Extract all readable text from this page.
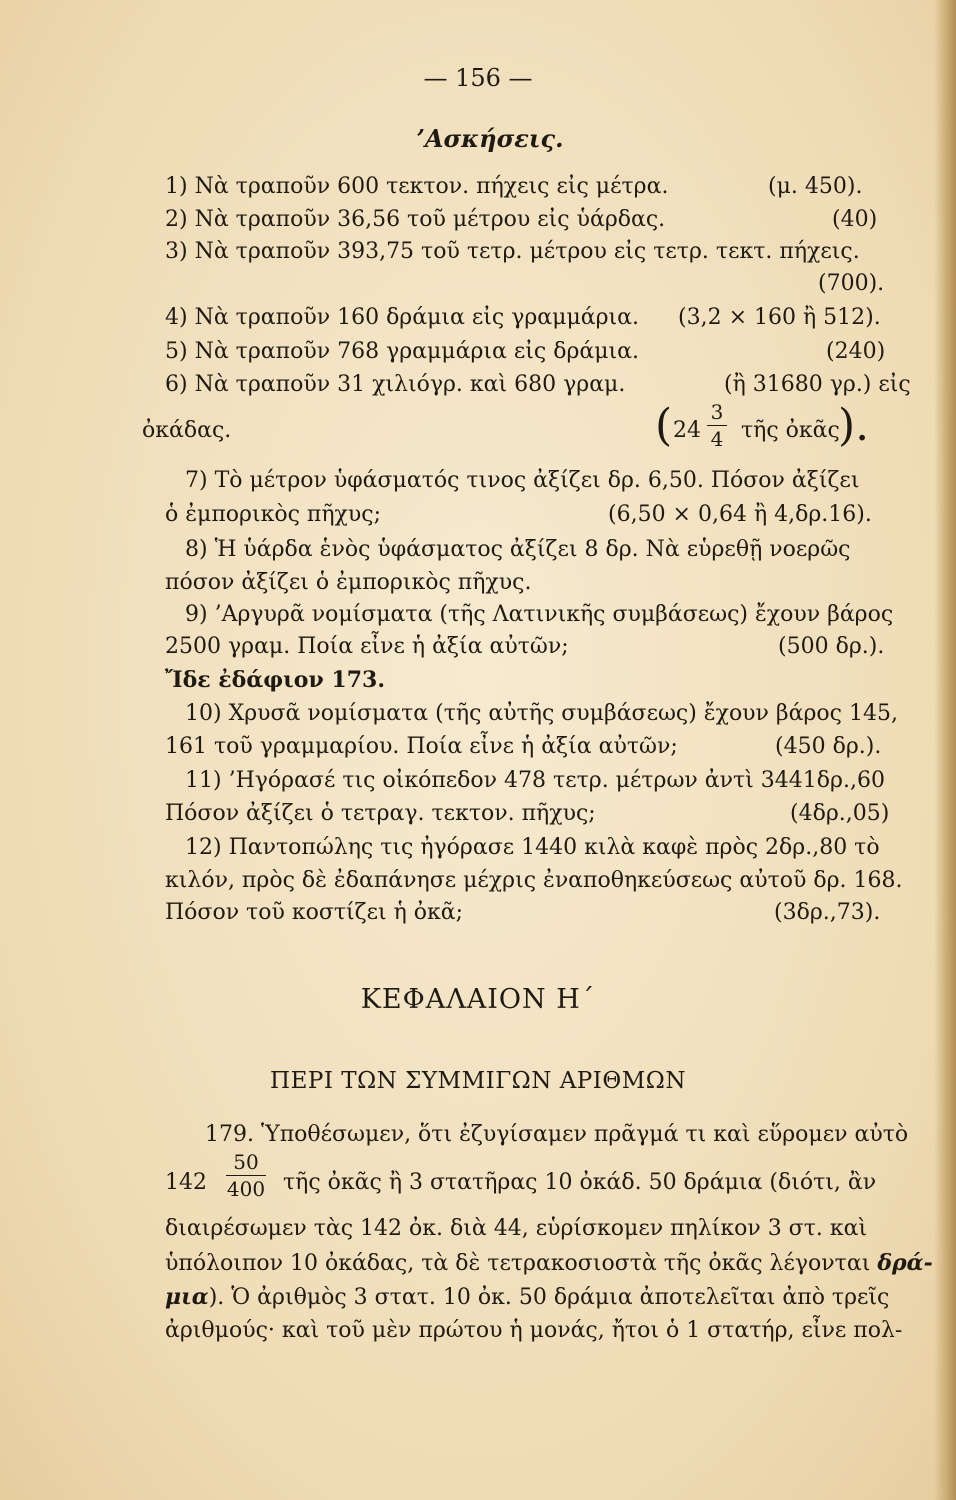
— 156 —
’Ασκήσεις.
1) Νὰ τραποῦν 600 τεκτον. πήχεις εἰς μέτρα.	(μ. 450).
2) Νὰ τραποῦν 36,56 τοῦ μέτρου εἰς ὑάρδας.	(40)
3) Νὰ τραποῦν 393,75 τοῦ τετρ. μέτρου εἰς τετρ. τεκτ. πήχεις.
(700).
4) Νὰ τραποῦν 160 δράμια εἰς γραμμάρια. (3,2 × 160 ἢ 512).
5) Νὰ τραποῦν 768 γραμμάρια εἰς δράμια.	(240)
6) Νὰ τραποῦν 31 χιλιόγρ. καὶ 680 γραμ.	(ἢ 31680 γρ.) εἰς
ὀκάδας.	( 24
3
4 τῆς ὀκᾶς
).
7) Τὸ μέτρον ὑφάσματός τινος ἀξίζει δρ. 6,50. Πόσον ἀξίζει
ὁ ἐμπορικὸς πῆχυς;	(6,50 × 0,64 ἢ 4,δρ.16).
8) Ἡ ὑάρδα ἑνὸς ὑφάσματος ἀξίζει 8 δρ. Νὰ εὑρεθῇ νοερῶς
πόσον ἀξίζει ὁ ἐμπορικὸς πῆχυς.
9) ’Αργυρᾶ νομίσματα (τῆς Λατινικῆς συμβάσεως) ἔχουν βάρος
2500 γραμ. Ποία εἶνε ἡ ἀξία αὐτῶν;	(500 δρ.).
Ἴδε ἐδάφιον 173.
10) Χρυσᾶ νομίσματα (τῆς αὐτῆς συμβάσεως) ἔχουν βάρος 145,
161 τοῦ γραμμαρίου. Ποία εἶνε ἡ ἀξία αὐτῶν;	(450 δρ.).
11) ’Ηγόρασέ τις οἰκόπεδον 478 τετρ. μέτρων ἀντὶ 3441δρ.,60
Πόσον ἀξίζει ὁ τετραγ. τεκτον. πῆχυς;	(4δρ.,05)
12) Παντοπώλης τις ἠγόρασε 1440 κιλὰ καφὲ πρὸς 2δρ.,80 τὸ
κιλόν, πρὸς δὲ ἐδαπάνησε μέχρις ἐναποθηκεύσεως αὐτοῦ δρ. 168.
Πόσον τοῦ κοστίζει ἡ ὀκᾶ;	(3δρ.,73).
ΚΕΦΑΛΑΙΟΝ Η΄
ΠΕΡΙ ΤΩΝ ΣΥΜΜΙΓΩΝ ΑΡΙΘΜΩΝ
179. Ὑποθέσωμεν, ὅτι ἐζυγίσαμεν πρᾶγμά τι καὶ εὕρομεν αὐτὸ
142
50
400 τῆς ὀκᾶς ἢ 3 στατῆρας 10 ὀκάδ. 50 δράμια (διότι, ἂν
διαιρέσωμεν τὰς 142 ὀκ. διὰ 44, εὑρίσκομεν πηλίκον 3 στ. καὶ
ὑπόλοιπον 10 ὀκάδας, τὰ δὲ τετρακοσιοστὰ τῆς ὀκᾶς λέγονται δρά-
μια). Ὁ ἀριθμὸς 3 στατ. 10 ὀκ. 50 δράμια ἀποτελεῖται ἀπὸ τρεῖς
ἀριθμούς· καὶ τοῦ μὲν πρώτου ἡ μονάς, ἤτοι ὁ 1 στατήρ, εἶνε πολ-
